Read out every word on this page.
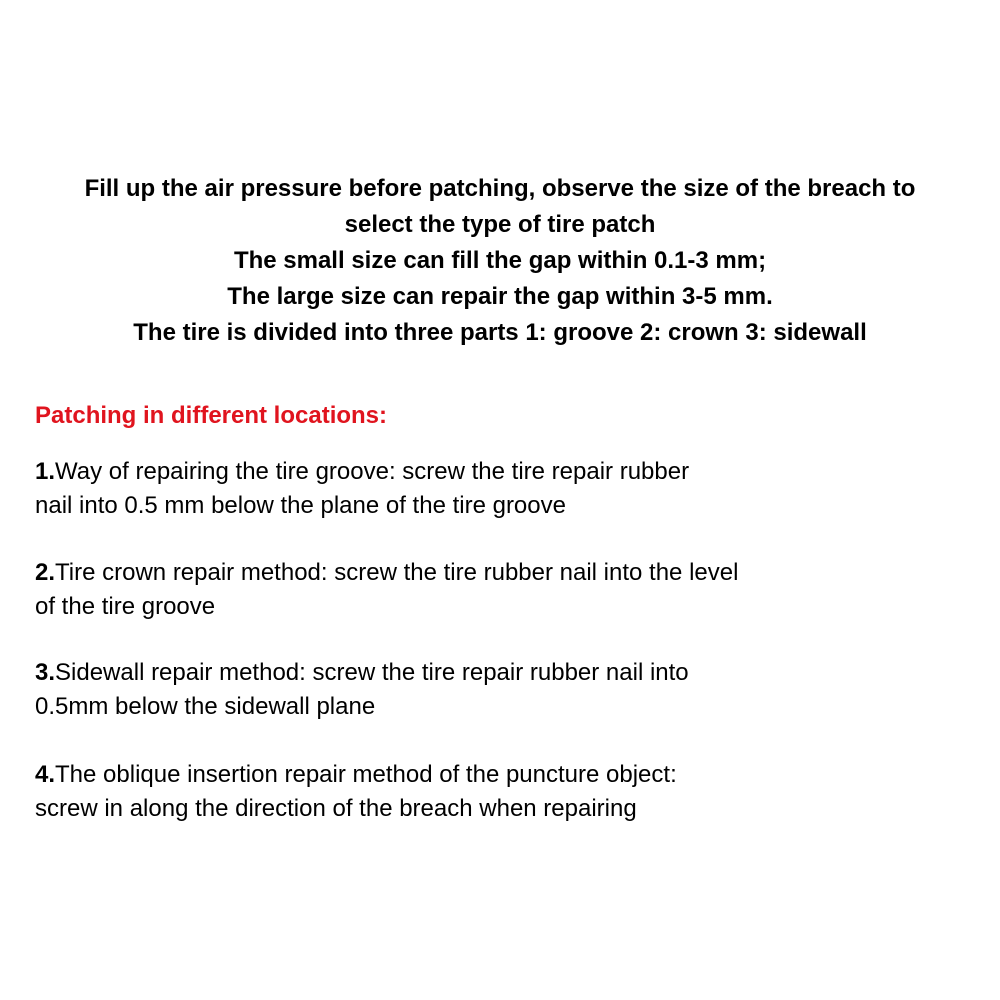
Fill up the air pressure before patching, observe the size of the breach to
select the type of tire patch
The small size can fill the gap within 0.1-3 mm;
The large size can repair the gap within 3-5 mm.
The tire is divided into three parts 1: groove 2: crown 3: sidewall
Patching in different locations:
1.Way of repairing the tire groove: screw the tire repair rubber
nail into 0.5 mm below the plane of the tire groove
2.Tire crown repair method: screw the tire rubber nail into the level
of the tire groove
3.Sidewall repair method: screw the tire repair rubber nail into
0.5mm below the sidewall plane
4.The oblique insertion repair method of the puncture object:
screw in along the direction of the breach when repairing
